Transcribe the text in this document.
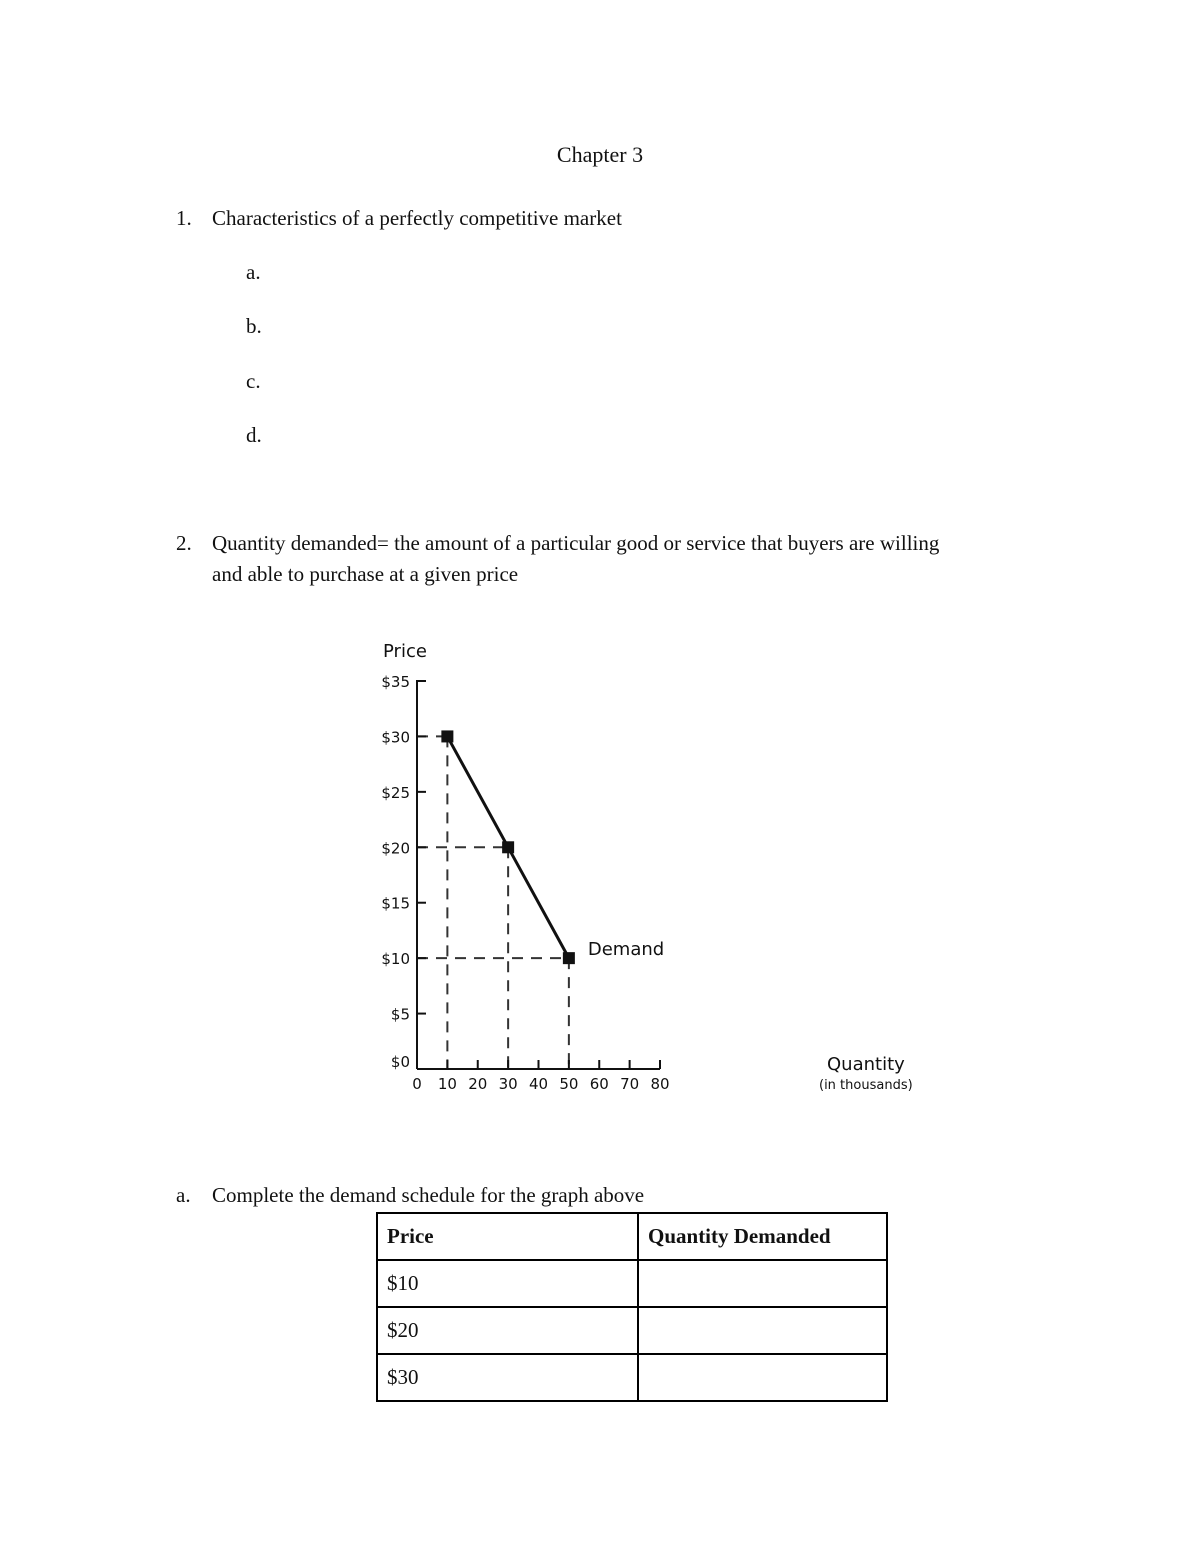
Chapter 3
1. Characteristics of a perfectly competitive market
a.
b.
c.
d.
2. Quantity demanded= the amount of a particular good or service that buyers are willing
and able to purchase at a given price
Price
Quantity
(in thousands)
0 10 20 30 40 50 60 70 80
$0
$5
$10
$15
$20
$25
$30
$35
Demand
a. Complete the demand schedule for the graph above
Price	Quantity Demanded
$10	
$20	
$30	
